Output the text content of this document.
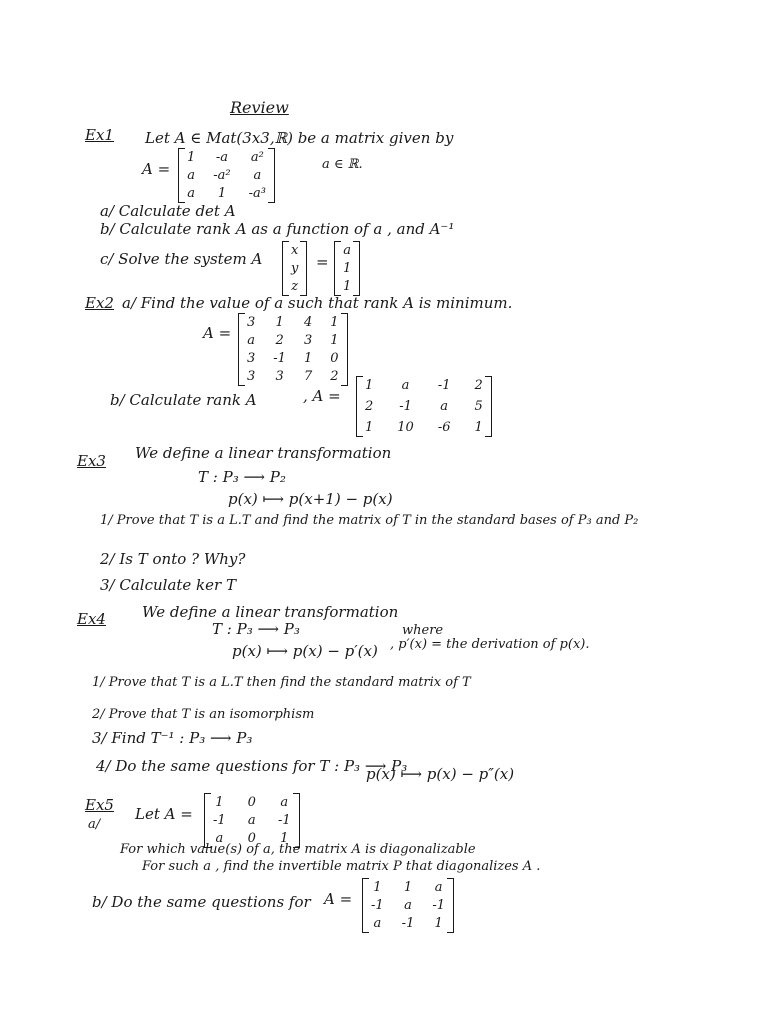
Review
Ex1 Let A ∈ Mat(3x3,ℝ) be a matrix given by
A =
1 -a a²
a -a²	a
a	1	-a³
a ∈ ℝ.
a/ Calculate det A
b/ Calculate rank A as a function of a , and A⁻¹
c/ Solve the system A x
y
z
=
a
1
1
Ex2 a/ Find the value of a such that rank A is minimum.
A =
3 1 4 1
a 2 3 1
3 -1 1 0
3 3 7 2
b/ Calculate rank A	, A =
1	a	-1 2
2 -1 a 5
1 10 -6 1
Ex3 We define a linear transformation
T : P₃ ⟶ P₂
p(x) ⟼ p(x+1) − p(x)
1/ Prove that T is a L.T and find the matrix of T in the standard bases of P₃ and P₂
2/ Is T onto ? Why?
3/ Calculate ker T
Ex4 We define a linear transformation
T : P₃ ⟶ P₃	where
p(x) ⟼ p(x) − p′(x) , p′(x) = the derivation of p(x).
1/ Prove that T is a L.T then find the standard matrix of T
2/ Prove that T is an isomorphism
3/ Find T⁻¹ : P₃ ⟶ P₃
4/ Do the same questions for T : P₃ ⟶ P₃
p(x) ⟼ p(x) − p″(x)
Ex5
a/
Let A =
1 0 a
-1 a -1
a 0 1
For which value(s) of a, the matrix A is diagonalizable
For such a , find the invertible matrix P that diagonalizes A .
b/ Do the same questions for A =
1 1 a
-1 a -1
a -1 1
